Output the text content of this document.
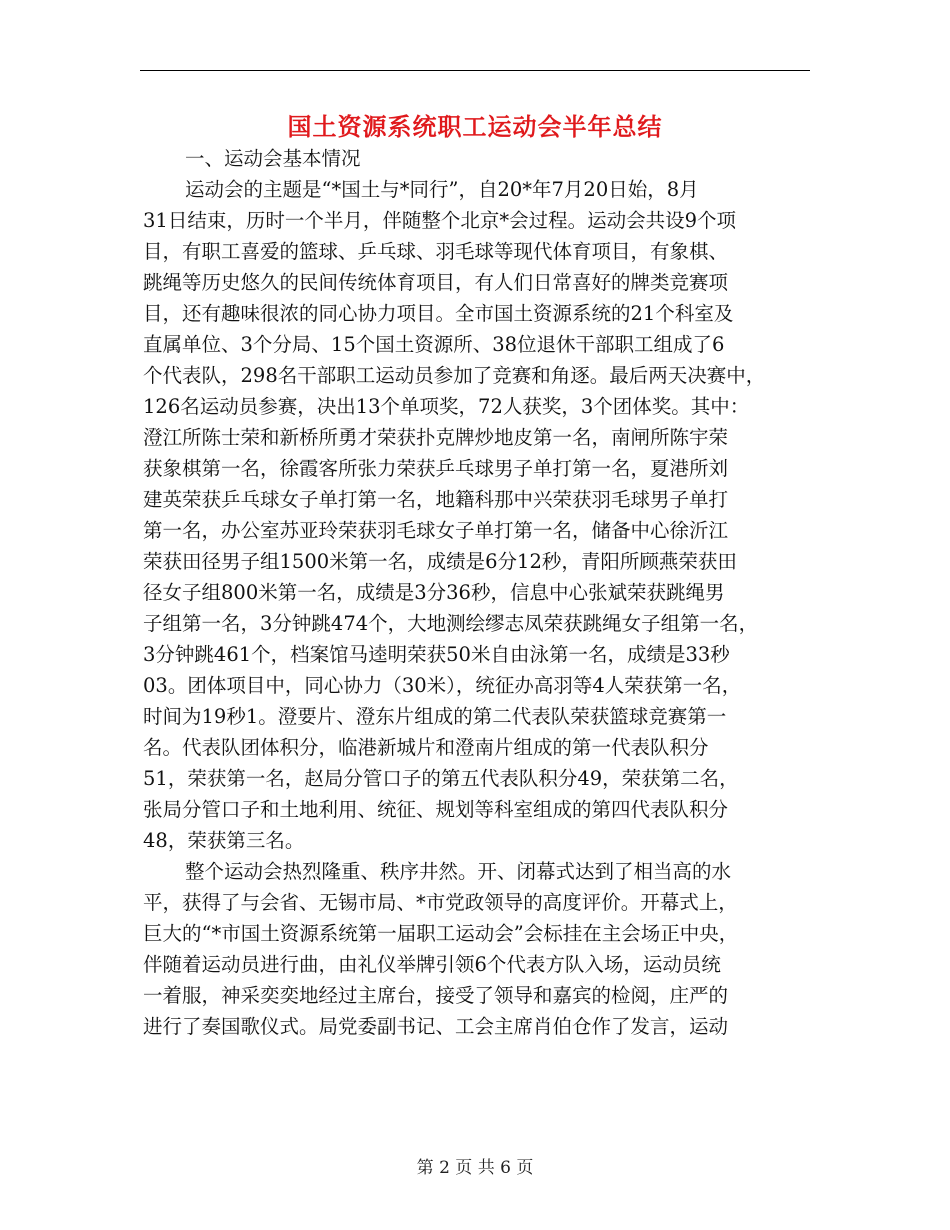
国土资源系统职工运动会半年总结

一、运动会基本情况

运动会的主题是“*国土与*同行”，自20*年7月20日始，8月
31日结束，历时一个半月，伴随整个北京*会过程。运动会共设9个项
目，有职工喜爱的篮球、乒乓球、羽毛球等现代体育项目，有象棋、
跳绳等历史悠久的民间传统体育项目，有人们日常喜好的牌类竞赛项
目，还有趣味很浓的同心协力项目。全市国土资源系统的21个科室及
直属单位、3个分局、15个国土资源所、38位退休干部职工组成了6
个代表队，298名干部职工运动员参加了竞赛和角逐。最后两天决赛中，
126名运动员参赛，决出13个单项奖，72人获奖，3个团体奖。其中：
澄江所陈士荣和新桥所勇才荣获扑克牌炒地皮第一名，南闸所陈宇荣
获象棋第一名，徐霞客所张力荣获乒乓球男子单打第一名，夏港所刘
建英荣获乒乓球女子单打第一名，地籍科那中兴荣获羽毛球男子单打
第一名，办公室苏亚玲荣获羽毛球女子单打第一名，储备中心徐沂江
荣获田径男子组1500米第一名，成绩是6分12秒，青阳所顾燕荣获田
径女子组800米第一名，成绩是3分36秒，信息中心张斌荣获跳绳男
子组第一名，3分钟跳474个，大地测绘缪志凤荣获跳绳女子组第一名，
3分钟跳461个，档案馆马逵明荣获50米自由泳第一名，成绩是33秒
03。团体项目中，同心协力（30米），统征办高羽等4人荣获第一名，
时间为19秒1。澄要片、澄东片组成的第二代表队荣获篮球竞赛第一
名。代表队团体积分，临港新城片和澄南片组成的第一代表队积分
51，荣获第一名，赵局分管口子的第五代表队积分49，荣获第二名，
张局分管口子和土地利用、统征、规划等科室组成的第四代表队积分
48，荣获第三名。
整个运动会热烈隆重、秩序井然。开、闭幕式达到了相当高的水
平，获得了与会省、无锡市局、*市党政领导的高度评价。开幕式上，
巨大的“*市国土资源系统第一届职工运动会”会标挂在主会场正中央，
伴随着运动员进行曲，由礼仪举牌引领6个代表方队入场，运动员统
一着服，神采奕奕地经过主席台，接受了领导和嘉宾的检阅，庄严的
进行了奏国歌仪式。局党委副书记、工会主席肖伯仓作了发言，运动
第 2 页 共 6 页
